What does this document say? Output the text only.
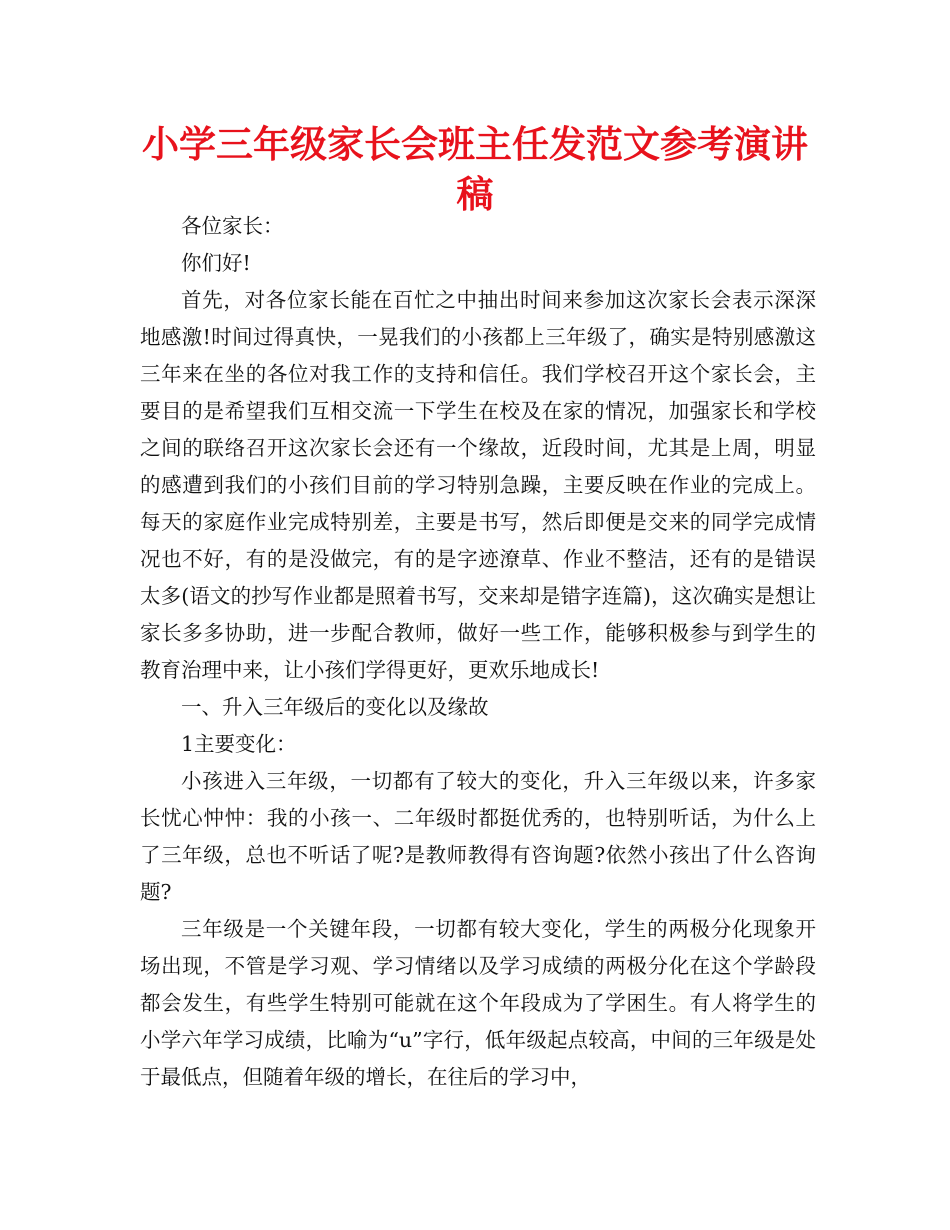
小学三年级家长会班主任发范文参考演讲稿

各位家长：

你们好!

首先，对各位家长能在百忙之中抽出时间来参加这次家长会表示深深地感激!时间过得真快，一晃我们的小孩都上三年级了，确实是特别感激这三年来在坐的各位对我工作的支持和信任。我们学校召开这个家长会，主要目的是希望我们互相交流一下学生在校及在家的情况，加强家长和学校之间的联络召开这次家长会还有一个缘故，近段时间，尤其是上周，明显的感遭到我们的小孩们目前的学习特别急躁，主要反映在作业的完成上。每天的家庭作业完成特别差，主要是书写，然后即便是交来的同学完成情况也不好，有的是没做完，有的是字迹潦草、作业不整洁，还有的是错误太多(语文的抄写作业都是照着书写，交来却是错字连篇)，这次确实是想让家长多多协助，进一步配合教师，做好一些工作，能够积极参与到学生的教育治理中来，让小孩们学得更好，更欢乐地成长!

一、升入三年级后的变化以及缘故

1主要变化：

小孩进入三年级，一切都有了较大的变化，升入三年级以来，许多家长忧心忡忡：我的小孩一、二年级时都挺优秀的，也特别听话，为什么上了三年级，总也不听话了呢?是教师教得有咨询题?依然小孩出了什么咨询题?

三年级是一个关键年段，一切都有较大变化，学生的两极分化现象开场出现，不管是学习观、学习情绪以及学习成绩的两极分化在这个学龄段都会发生，有些学生特别可能就在这个年段成为了学困生。有人将学生的小学六年学习成绩，比喻为“u”字行，低年级起点较高，中间的三年级是处于最低点，但随着年级的增长，在往后的学习中，
